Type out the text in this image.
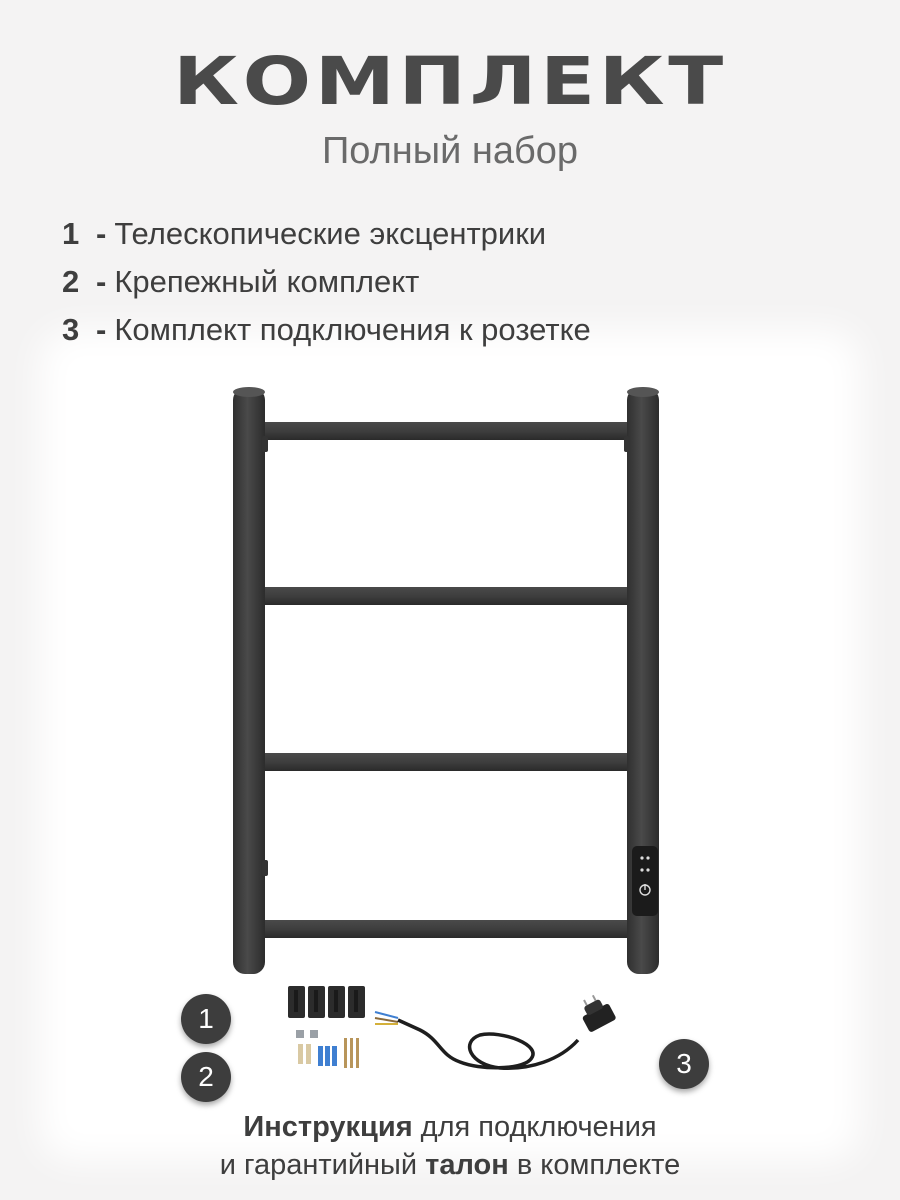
КОМПЛЕКТ
Полный набор
1 - Телескопические эксцентрики
2 - Крепежный комплект
3 - Комплект подключения к розетке
1
2	3
Инструкция для подключения
и гарантийный талон в комплекте
